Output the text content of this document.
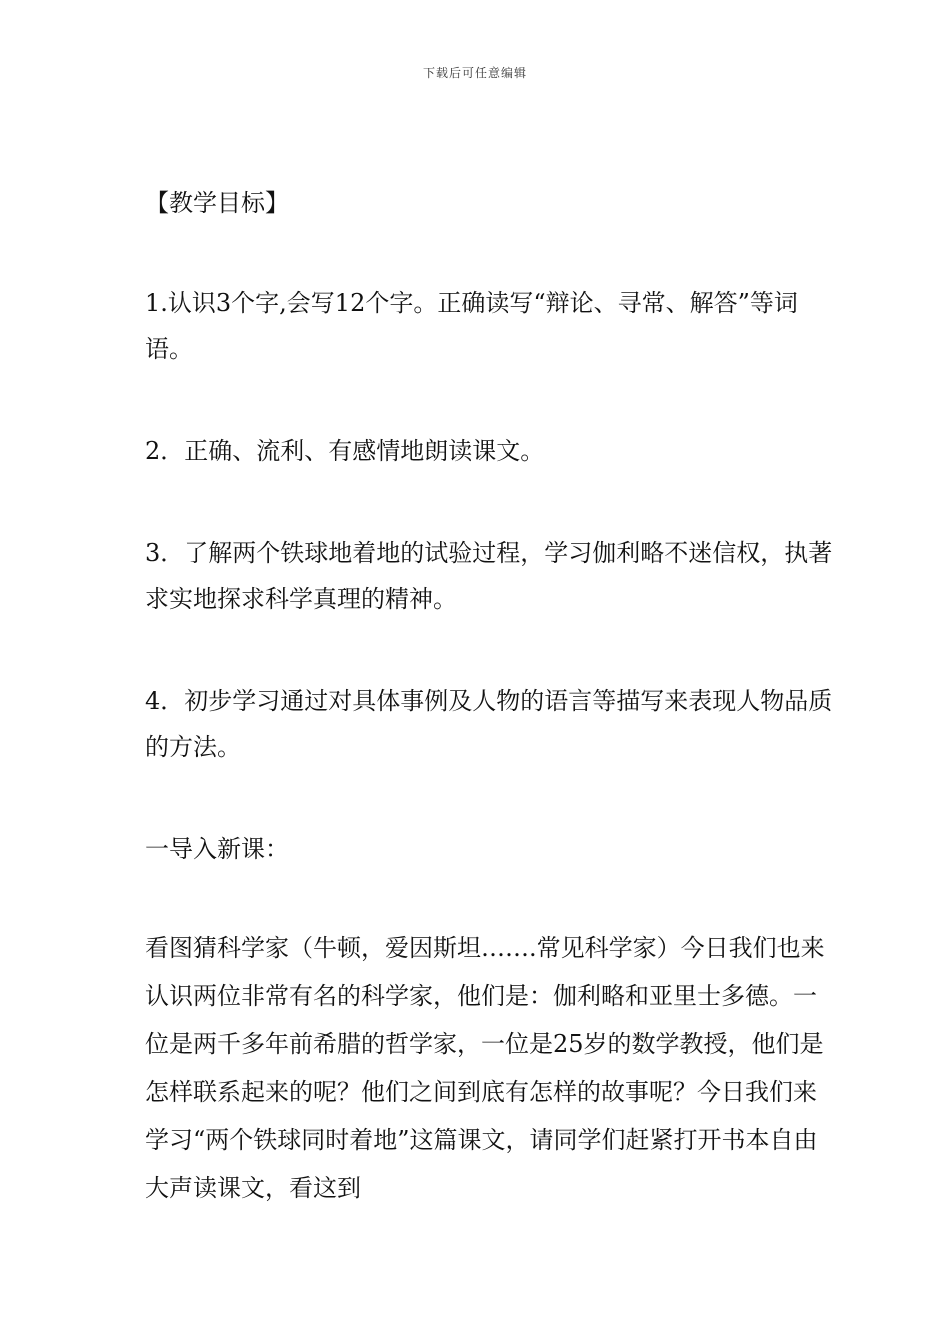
下载后可任意编辑

【教学目标】

1.认识3个字,会写12个字。正确读写“辩论、寻常、解答”等词语。

2．正确、流利、有感情地朗读课文。

3．了解两个铁球地着地的试验过程，学习伽利略不迷信权，执著求实地探求科学真理的精神。

4．初步学习通过对具体事例及人物的语言等描写来表现人物品质的方法。

一导入新课：

看图猜科学家（牛顿，爱因斯坦…….常见科学家）今日我们也来认识两位非常有名的科学家，他们是：伽利略和亚里士多德。一位是两千多年前希腊的哲学家，一位是25岁的数学教授，他们是怎样联系起来的呢？他们之间到底有怎样的故事呢？今日我们来学习“两个铁球同时着地”这篇课文，请同学们赶紧打开书本自由大声读课文，看这到
